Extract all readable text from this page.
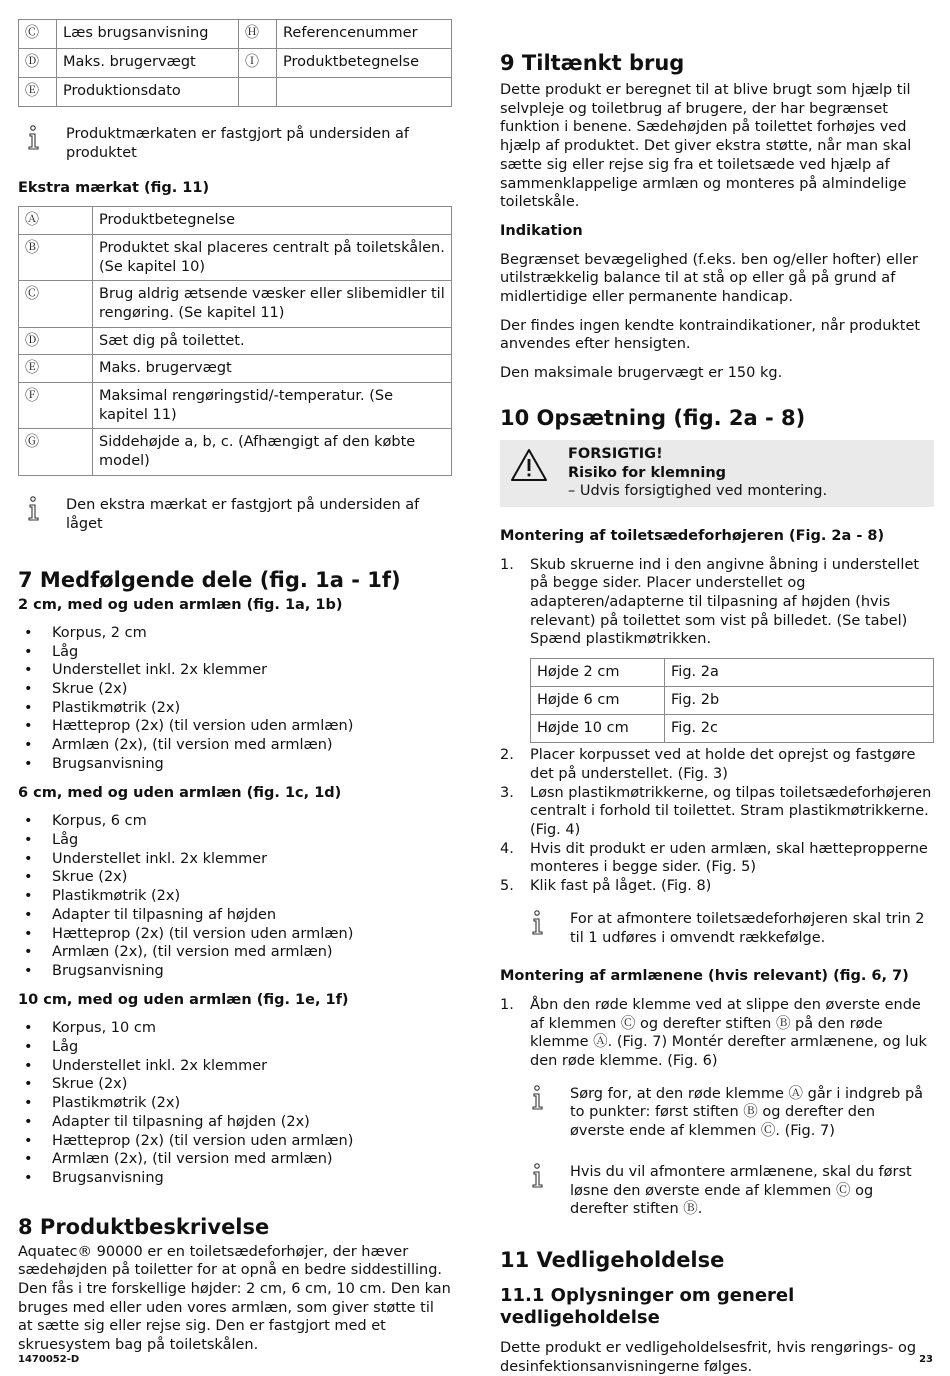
Ⓒ	Læs brugsanvisning	Ⓗ	Referencenummer
Ⓓ	Maks. brugervægt	Ⓘ	Produktbetegnelse
Ⓔ	Produktionsdato		
Produktmærkaten er fastgjort på undersiden af produktet

Ekstra mærkat (fig. 11)

Ⓐ	Produktbetegnelse
Ⓑ	Produktet skal placeres centralt på toiletskålen. (Se kapitel 10)
Ⓒ	Brug aldrig ætsende væsker eller slibemidler til rengøring. (Se kapitel 11)
Ⓓ	Sæt dig på toilettet.
Ⓔ	Maks. brugervægt
Ⓕ	Maksimal rengøringstid/-temperatur. (Se kapitel 11)
Ⓖ	Siddehøjde a, b, c. (Afhængigt af den købte model)
Den ekstra mærkat er fastgjort på undersiden af låget
7 Medfølgende dele (fig. 1a - 1f)

2 cm, med og uden armlæn (fig. 1a, 1b)

• Korpus, 2 cm
• Låg
• Understellet inkl. 2x klemmer
• Skrue (2x)
• Plastikmøtrik (2x)
• Hætteprop (2x) (til version uden armlæn)
• Armlæn (2x), (til version med armlæn)
• Brugsanvisning

6 cm, med og uden armlæn (fig. 1c, 1d)

• Korpus, 6 cm
• Låg
• Understellet inkl. 2x klemmer
• Skrue (2x)
• Plastikmøtrik (2x)
• Adapter til tilpasning af højden
• Hætteprop (2x) (til version uden armlæn)
• Armlæn (2x), (til version med armlæn)
• Brugsanvisning

10 cm, med og uden armlæn (fig. 1e, 1f)

• Korpus, 10 cm
• Låg
• Understellet inkl. 2x klemmer
• Skrue (2x)
• Plastikmøtrik (2x)
• Adapter til tilpasning af højden (2x)
• Hætteprop (2x) (til version uden armlæn)
• Armlæn (2x), (til version med armlæn)
• Brugsanvisning
8 Produktbeskrivelse

Aquatec® 90000 er en toiletsædeforhøjer, der hæver sædehøjden på toiletter for at opnå en bedre siddestilling. Den fås i tre forskellige højder: 2 cm, 6 cm, 10 cm. Den kan bruges med eller uden vores armlæn, som giver støtte til at sætte sig eller rejse sig. Den er fastgjort med et skruesystem bag på toiletskålen.

9 Tiltænkt brug

Dette produkt er beregnet til at blive brugt som hjælp til selvpleje og toiletbrug af brugere, der har begrænset funktion i benene. Sædehøjden på toilettet forhøjes ved hjælp af produktet. Det giver ekstra støtte, når man skal sætte sig eller rejse sig fra et toiletsæde ved hjælp af sammenklappelige armlæn og monteres på almindelige toiletskåle.

Indikation

Begrænset bevægelighed (f.eks. ben og/eller hofter) eller utilstrækkelig balance til at stå op eller gå på grund af midlertidige eller permanente handicap.

Der findes ingen kendte kontraindikationer, når produktet anvendes efter hensigten.

Den maksimale brugervægt er 150 kg.

10 Opsætning (fig. 2a - 8)
FORSIGTIG!
Risiko for klemning
– Udvis forsigtighed ved montering.

Montering af toiletsædeforhøjeren (Fig. 2a - 8)

1. Skub skruerne ind i den angivne åbning i understellet på begge sider. Placer understellet og adapteren/adapterne til tilpasning af højden (hvis relevant) på toilettet som vist på billedet. (Se tabel) Spænd plastikmøtrikken.
Højde 2 cm	Fig. 2a
Højde 6 cm	Fig. 2b
Højde 10 cm	Fig. 2c
2. Placer korpusset ved at holde det oprejst og fastgøre det på understellet. (Fig. 3)
3. Løsn plastikmøtrikkerne, og tilpas toiletsædeforhøjeren centralt i forhold til toilettet. Stram plastikmøtrikkerne. (Fig. 4)
4. Hvis dit produkt er uden armlæn, skal hættepropperne monteres i begge sider. (Fig. 5)
5. Klik fast på låget. (Fig. 8)
For at afmontere toiletsædeforhøjeren skal trin 2 til 1 udføres i omvendt rækkefølge.

Montering af armlænene (hvis relevant) (fig. 6, 7)

1. Åbn den røde klemme ved at slippe den øverste ende af klemmen Ⓒ og derefter stiften Ⓑ på den røde klemme Ⓐ. (Fig. 7) Montér derefter armlænene, og luk den røde klemme. (Fig. 6)
Sørg for, at den røde klemme Ⓐ går i indgreb på to punkter: først stiften Ⓑ og derefter den øverste ende af klemmen Ⓒ. (Fig. 7)
Hvis du vil afmontere armlænene, skal du først løsne den øverste ende af klemmen Ⓒ og derefter stiften Ⓑ.
11 Vedligeholdelse
11.1 Oplysninger om generel vedligeholdelse

Dette produkt er vedligeholdelsesfrit, hvis rengørings- og desinfektionsanvisningerne følges.

1470052-D	23
